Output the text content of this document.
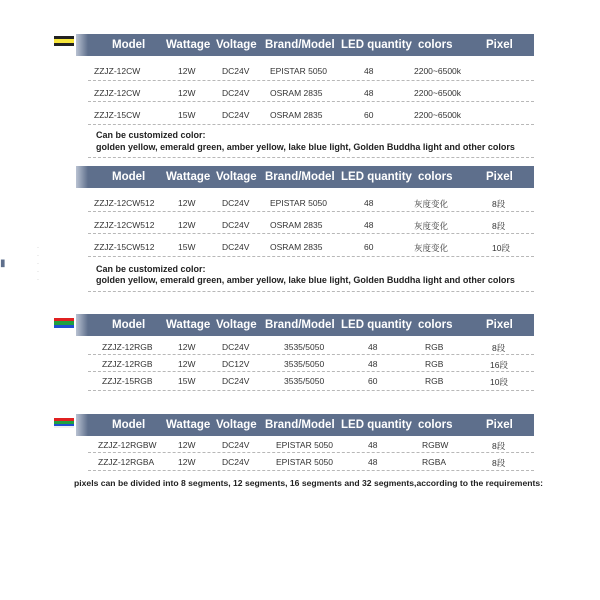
Model Wattage Voltage Brand/Model LED quantity colors	Pixel
ZZJZ-12CW	12W	DC24V EPISTAR 5050	48	2200~6500k
ZZJZ-12CW	12W	DC24V OSRAM 2835	48	2200~6500k
ZZJZ-15CW	15W	DC24V OSRAM 2835	60	2200~6500k
Can be customized color:
golden yellow, emerald green, amber yellow, lake blue light, Golden Buddha light and other colors
Model Wattage Voltage Brand/Model LED quantity colors	Pixel
ZZJZ-12CW512	12W	DC24V EPISTAR 5050	48	灰度变化	8段
ZZJZ-12CW512	12W	DC24V OSRAM 2835	48	灰度变化	8段
ZZJZ-15CW512	15W	DC24V OSRAM 2835	60	灰度变化	10段
Can be customized color:
golden yellow, emerald green, amber yellow, lake blue light, Golden Buddha light and other colors
▮
·
·
·
·
·
Model Wattage Voltage Brand/Model LED quantity colors	Pixel
ZZJZ-12RGB	12W	DC24V	3535/5050	48	RGB	8段
ZZJZ-12RGB	12W	DC12V	3535/5050	48	RGB	16段
ZZJZ-15RGB	15W	DC24V	3535/5050	60	RGB	10段
Model Wattage Voltage Brand/Model LED quantity colors	Pixel
ZZJZ-12RGBW	12W	DC24V	EPISTAR 5050	48	RGBW	8段
ZZJZ-12RGBA	12W	DC24V	EPISTAR 5050	48	RGBA	8段
pixels can be divided into 8 segments, 12 segments, 16 segments and 32 segments,according to the requirements:
